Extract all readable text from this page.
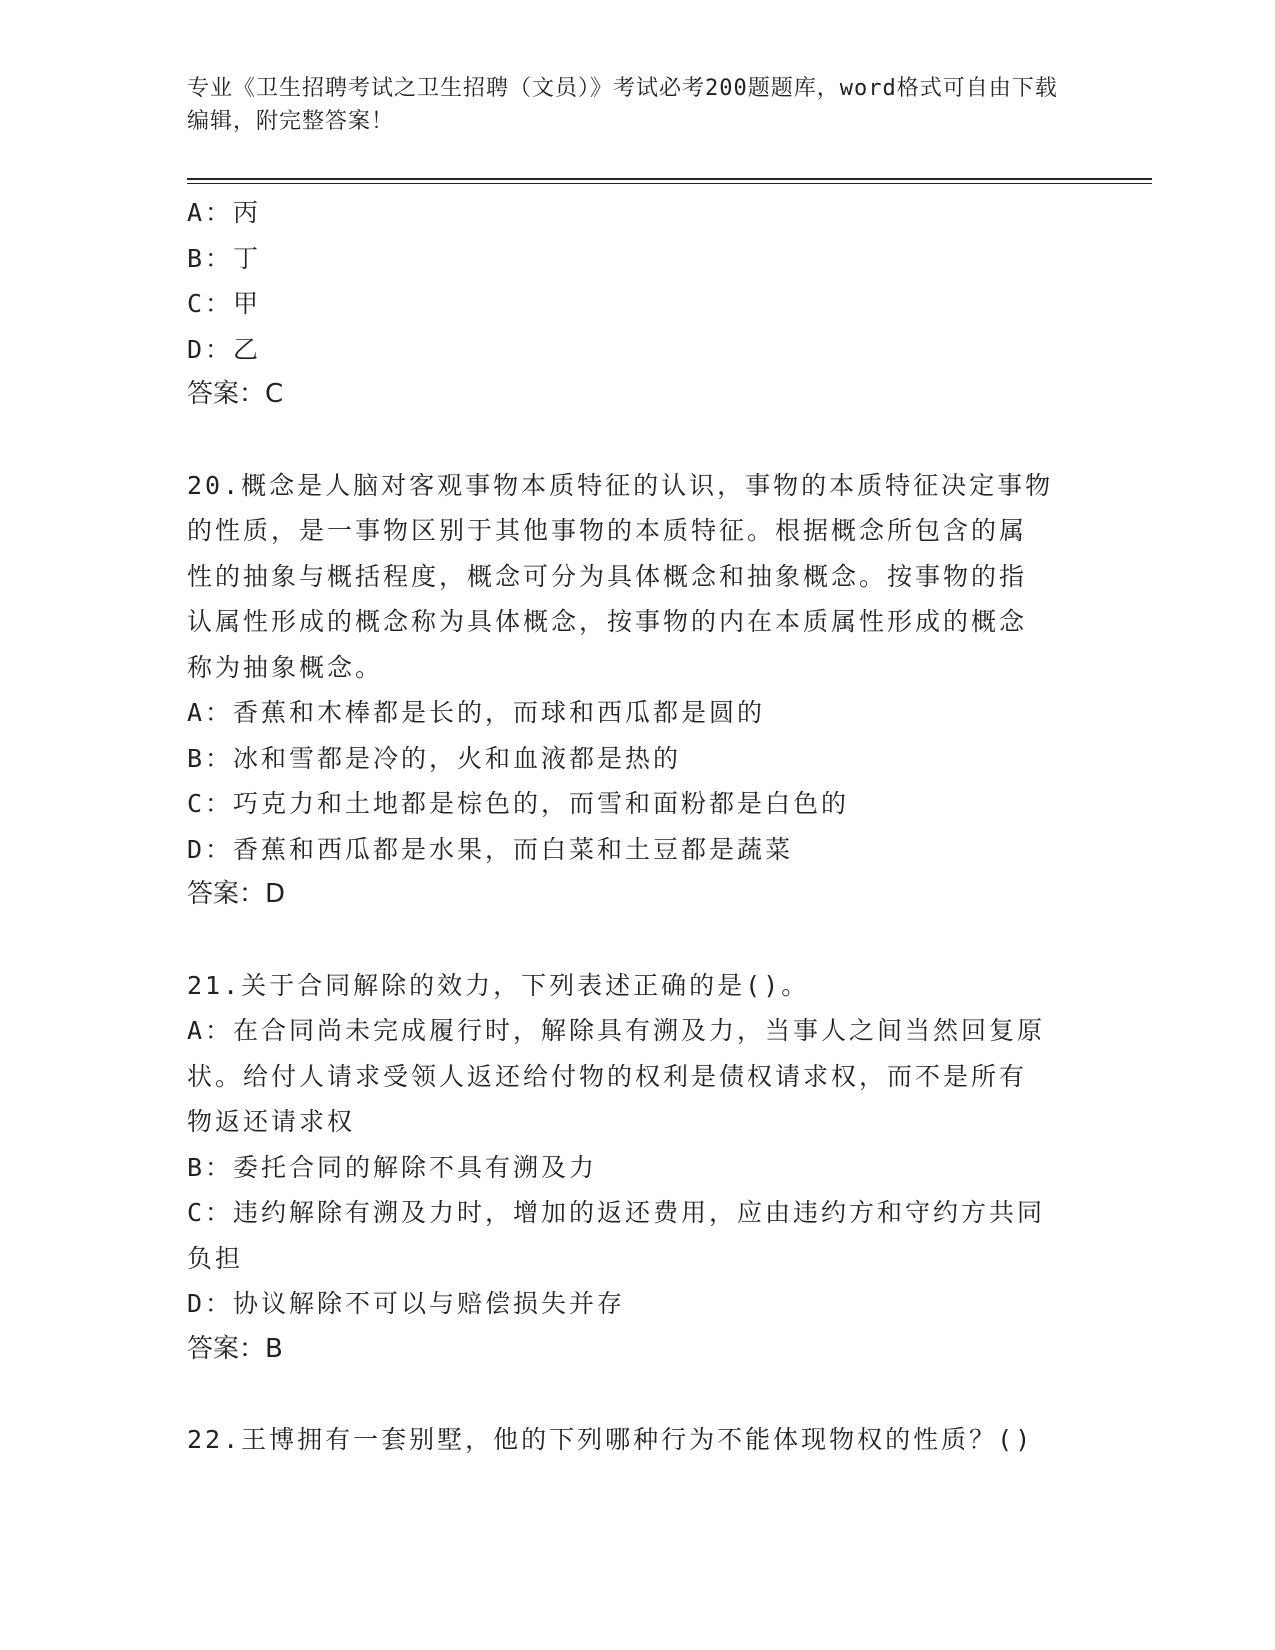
专业《卫生招聘考试之卫生招聘（文员）》考试必考200题题库，word格式可自由下载编辑，附完整答案！
A：丙
B：丁
C：甲
D：乙
答案：C
20.概念是人脑对客观事物本质特征的认识，事物的本质特征决定事物
的性质，是一事物区别于其他事物的本质特征。根据概念所包含的属
性的抽象与概括程度，概念可分为具体概念和抽象概念。按事物的指
认属性形成的概念称为具体概念，按事物的内在本质属性形成的概念
称为抽象概念。
A：香蕉和木棒都是长的，而球和西瓜都是圆的
B：冰和雪都是冷的，火和血液都是热的
C：巧克力和土地都是棕色的，而雪和面粉都是白色的
D：香蕉和西瓜都是水果，而白菜和土豆都是蔬菜
答案：D
21.关于合同解除的效力，下列表述正确的是()。
A：在合同尚未完成履行时，解除具有溯及力，当事人之间当然回复原
状。给付人请求受领人返还给付物的权利是债权请求权，而不是所有
物返还请求权
B：委托合同的解除不具有溯及力
C：违约解除有溯及力时，增加的返还费用，应由违约方和守约方共同
负担
D：协议解除不可以与赔偿损失并存
答案：B
22.王博拥有一套别墅，他的下列哪种行为不能体现物权的性质？()
